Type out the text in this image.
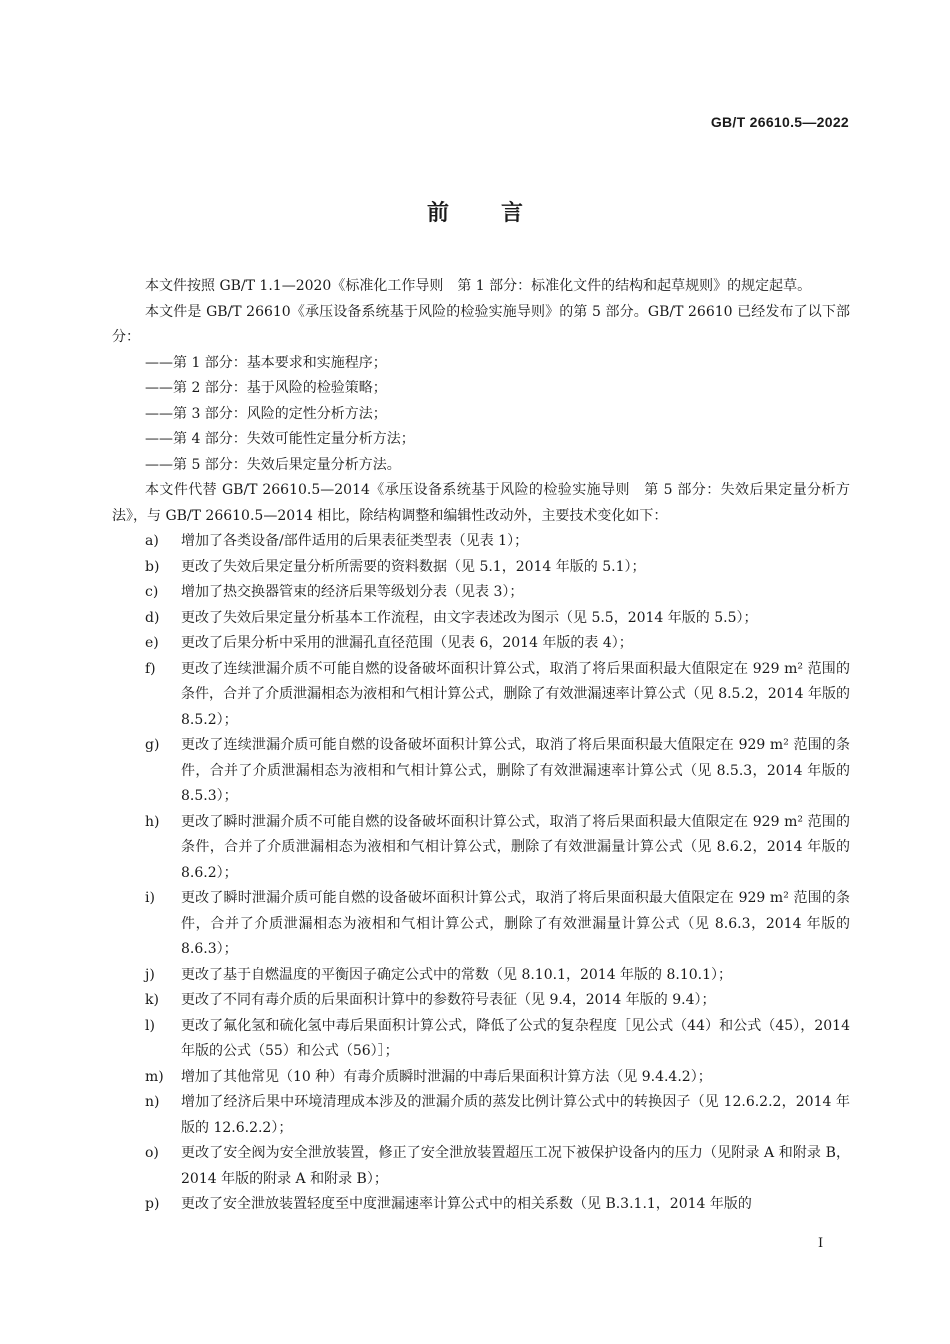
GB/T 26610.5—2022
前言

本文件按照 GB/T 1.1—2020《标准化工作导则　第 1 部分：标准化文件的结构和起草规则》的规定起草。

本文件是 GB/T 26610《承压设备系统基于风险的检验实施导则》的第 5 部分。GB/T 26610 已经发布了以下部分：

——第 1 部分：基本要求和实施程序；

——第 2 部分：基于风险的检验策略；

——第 3 部分：风险的定性分析方法；

——第 4 部分：失效可能性定量分析方法；

——第 5 部分：失效后果定量分析方法。

本文件代替 GB/T 26610.5—2014《承压设备系统基于风险的检验实施导则　第 5 部分：失效后果定量分析方法》，与 GB/T 26610.5—2014 相比，除结构调整和编辑性改动外，主要技术变化如下：

a)	增加了各类设备/部件适用的后果表征类型表（见表 1）；
b)	更改了失效后果定量分析所需要的资料数据（见 5.1，2014 年版的 5.1）；
c)	增加了热交换器管束的经济后果等级划分表（见表 3）；
d)	更改了失效后果定量分析基本工作流程，由文字表述改为图示（见 5.5，2014 年版的 5.5）；
e)	更改了后果分析中采用的泄漏孔直径范围（见表 6，2014 年版的表 4）；
f)	更改了连续泄漏介质不可能自燃的设备破坏面积计算公式，取消了将后果面积最大值限定在 929 m² 范围的条件，合并了介质泄漏相态为液相和气相计算公式，删除了有效泄漏速率计算公式（见 8.5.2，2014 年版的 8.5.2）；
g)	更改了连续泄漏介质可能自燃的设备破坏面积计算公式，取消了将后果面积最大值限定在 929 m² 范围的条件，合并了介质泄漏相态为液相和气相计算公式，删除了有效泄漏速率计算公式（见 8.5.3，2014 年版的 8.5.3）；
h)	更改了瞬时泄漏介质不可能自燃的设备破坏面积计算公式，取消了将后果面积最大值限定在 929 m² 范围的条件，合并了介质泄漏相态为液相和气相计算公式，删除了有效泄漏量计算公式（见 8.6.2，2014 年版的 8.6.2）；
i)	更改了瞬时泄漏介质可能自燃的设备破坏面积计算公式，取消了将后果面积最大值限定在 929 m² 范围的条件，合并了介质泄漏相态为液相和气相计算公式，删除了有效泄漏量计算公式（见 8.6.3，2014 年版的 8.6.3）；
j)	更改了基于自燃温度的平衡因子确定公式中的常数（见 8.10.1，2014 年版的 8.10.1）；
k)	更改了不同有毒介质的后果面积计算中的参数符号表征（见 9.4，2014 年版的 9.4）；
l)	更改了氟化氢和硫化氢中毒后果面积计算公式，降低了公式的复杂程度［见公式（44）和公式（45），2014 年版的公式（55）和公式（56）］；
m)	增加了其他常见（10 种）有毒介质瞬时泄漏的中毒后果面积计算方法（见 9.4.4.2）；
n)	增加了经济后果中环境清理成本涉及的泄漏介质的蒸发比例计算公式中的转换因子（见 12.6.2.2，2014 年版的 12.6.2.2）；
o)	更改了安全阀为安全泄放装置，修正了安全泄放装置超压工况下被保护设备内的压力（见附录 A 和附录 B，2014 年版的附录 A 和附录 B）；
p)	更改了安全泄放装置轻度至中度泄漏速率计算公式中的相关系数（见 B.3.1.1，2014 年版的
I
